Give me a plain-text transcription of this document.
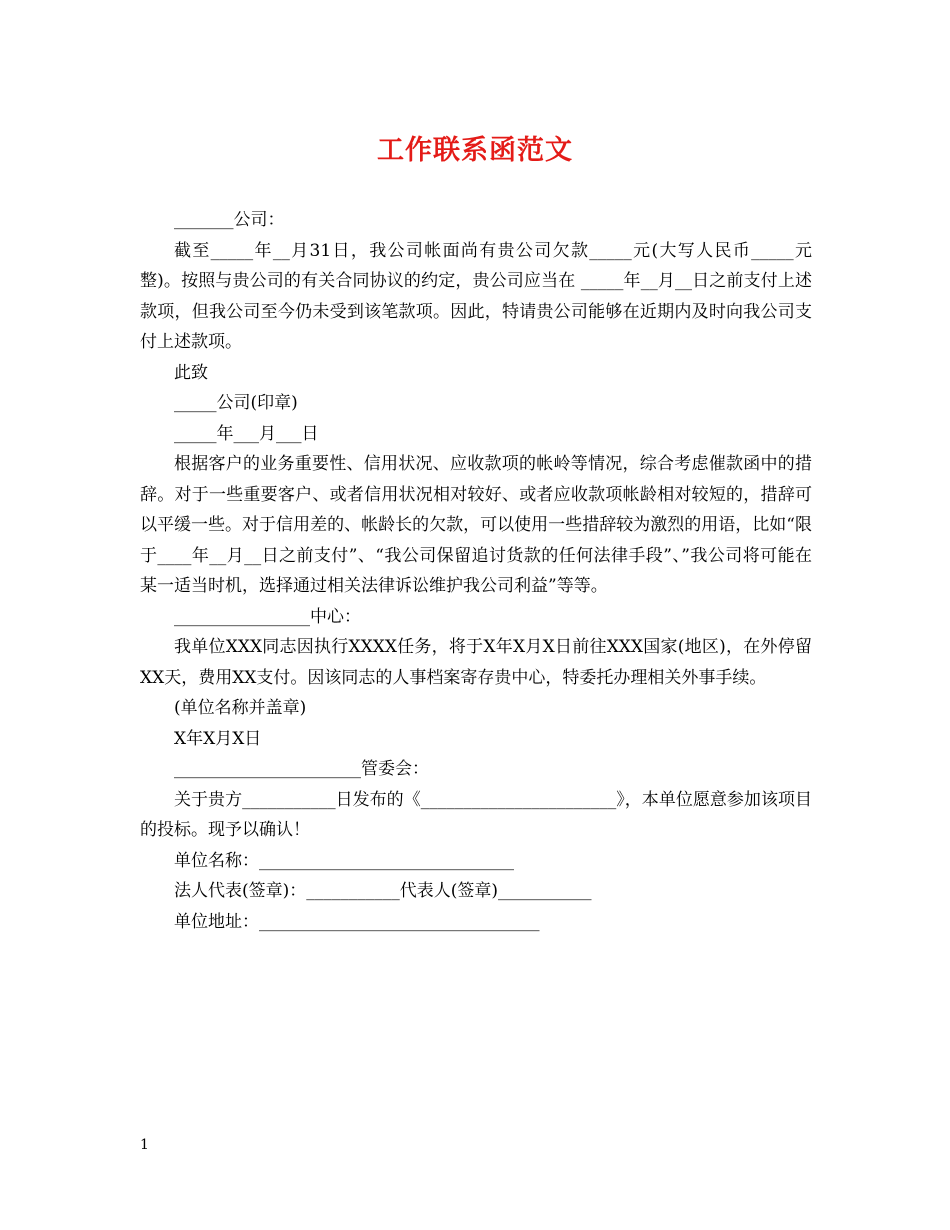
工作联系函范文

_______公司：

截至_____年__月31日，我公司帐面尚有贵公司欠款_____元(大写人民币_____元整)。按照与贵公司的有关合同协议的约定，贵公司应当在 _____年__月__日之前支付上述款项，但我公司至今仍未受到该笔款项。因此，特请贵公司能够在近期内及时向我公司支付上述款项。

此致

_____公司(印章)

_____年___月___日

根据客户的业务重要性、信用状况、应收款项的帐岭等情况，综合考虑催款函中的措辞。对于一些重要客户、或者信用状况相对较好、或者应收款项帐龄相对较短的，措辞可以平缓一些。对于信用差的、帐龄长的欠款，可以使用一些措辞较为激烈的用语，比如“限于____年__月__日之前支付”、“我公司保留追讨货款的任何法律手段”、”我公司将可能在某一适当时机，选择通过相关法律诉讼维护我公司利益”等等。

________________中心：

我单位XXX同志因执行XXXX任务，将于X年X月X日前往XXX国家(地区)，在外停留XX天，费用XX支付。因该同志的人事档案寄存贵中心，特委托办理相关外事手续。

(单位名称并盖章)

X年X月X日

______________________管委会：

关于贵方___________日发布的《_______________________》，本单位愿意参加该项目的投标。现予以确认！

单位名称：______________________________

法人代表(签章)：___________代表人(签章)___________

单位地址：_________________________________

1
